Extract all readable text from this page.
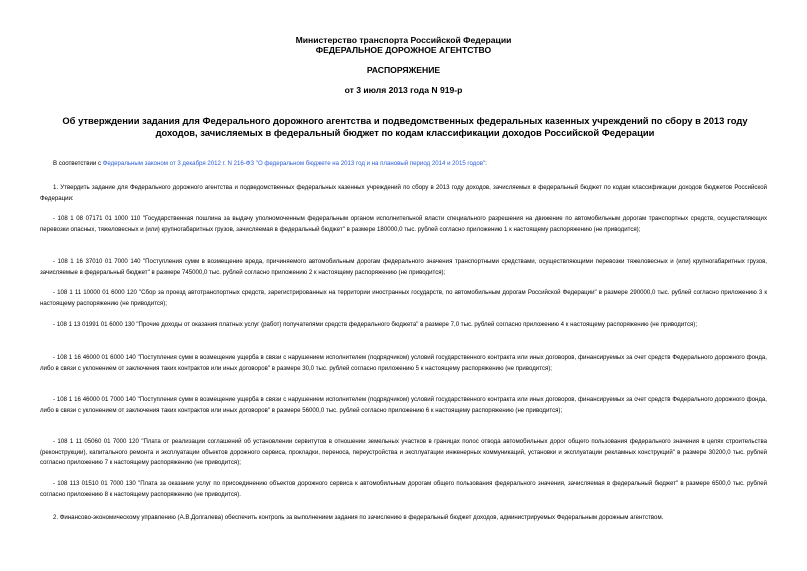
Министерство транспорта Российской Федерации
ФЕДЕРАЛЬНОЕ ДОРОЖНОЕ АГЕНТСТВО
РАСПОРЯЖЕНИЕ
от 3 июля 2013 года N 919-р
Об утверждении задания для Федерального дорожного агентства и подведомственных федеральных казенных учреждений по сбору в 2013 году доходов, зачисляемых в федеральный бюджет по кодам классификации доходов Российской Федерации

В соответствии с Федеральным законом от 3 декабря 2012 г. N 216-ФЗ "О федеральном бюджете на 2013 год и на плановый период 2014 и 2015 годов":

1. Утвердить задание для Федерального дорожного агентства и подведомственных федеральных казенных учреждений по сбору в 2013 году доходов, зачисляемых в федеральный бюджет по кодам классификации доходов бюджетов Российской Федерации:

- 108 1 08 07171 01 1000 110 "Государственная пошлина за выдачу уполномоченным федеральным органом исполнительной власти специального разрешения на движение по автомобильным дорогам транспортных средств, осуществляющих перевозки опасных, тяжеловесных и (или) крупногабаритных грузов, зачисляемая в федеральный бюджет" в размере 180000,0 тыс. рублей согласно приложению 1 к настоящему распоряжению (не приводится);

- 108 1 16 37010 01 7000 140 "Поступления сумм в возмещение вреда, причиняемого автомобильным дорогам федерального значения транспортными средствами, осуществляющими перевозки тяжеловесных и (или) крупногабаритных грузов, зачисляемые в федеральный бюджет" в размере 745000,0 тыс. рублей согласно приложению 2 к настоящему распоряжению (не приводится);

- 108 1 11 10000 01 6000 120 "Сбор за проезд автотранспортных средств, зарегистрированных на территории иностранных государств, по автомобильным дорогам Российской Федерации" в размере 290000,0 тыс. рублей согласно приложению 3 к настоящему распоряжению (не приводится);

- 108 1 13 01991 01 6000 130 "Прочие доходы от оказания платных услуг (работ) получателями средств федерального бюджета" в размере 7,0 тыс. рублей согласно приложению 4 к настоящему распоряжению (не приводится);

- 108 1 16 46000 01 6000 140 "Поступления сумм в возмещение ущерба в связи с нарушением исполнителем (подрядчиком) условий государственного контракта или иных договоров, финансируемых за счет средств Федерального дорожного фонда, либо в связи с уклонением от заключения таких контрактов или иных договоров" в размере 30,0 тыс. рублей согласно приложению 5 к настоящему распоряжению (не приводится);

- 108 1 16 46000 01 7000 140 "Поступления сумм в возмещение ущерба в связи с нарушением исполнителем (подрядчиком) условий государственного контракта или иных договоров, финансируемых за счет средств Федерального дорожного фонда, либо в связи с уклонением от заключения таких контрактов или иных договоров" в размере 56000,0 тыс. рублей согласно приложению 6 к настоящему распоряжению (не приводится);

- 108 1 11 05060 01 7000 120 "Плата от реализации соглашений об установлении сервитутов в отношении земельных участков в границах полос отвода автомобильных дорог общего пользования федерального значения в целях строительства (реконструкции), капитального ремонта и эксплуатации объектов дорожного сервиса, прокладки, переноса, переустройства и эксплуатации инженерных коммуникаций, установки и эксплуатации рекламных конструкций" в размере 30200,0 тыс. рублей согласно приложению 7 к настоящему распоряжению (не приводится);

- 108 113 01510 01 7000 130 "Плата за оказание услуг по присоединению объектов дорожного сервиса к автомобильным дорогам общего пользования федерального значения, зачисляемая в федеральный бюджет" в размере 6500,0 тыс. рублей согласно приложению 8 к настоящему распоряжению (не приводится).

2. Финансово-экономическому управлению (А.В.Долгалева) обеспечить контроль за выполнением задания по зачислению в федеральный бюджет доходов, администрируемых Федеральным дорожным агентством.
